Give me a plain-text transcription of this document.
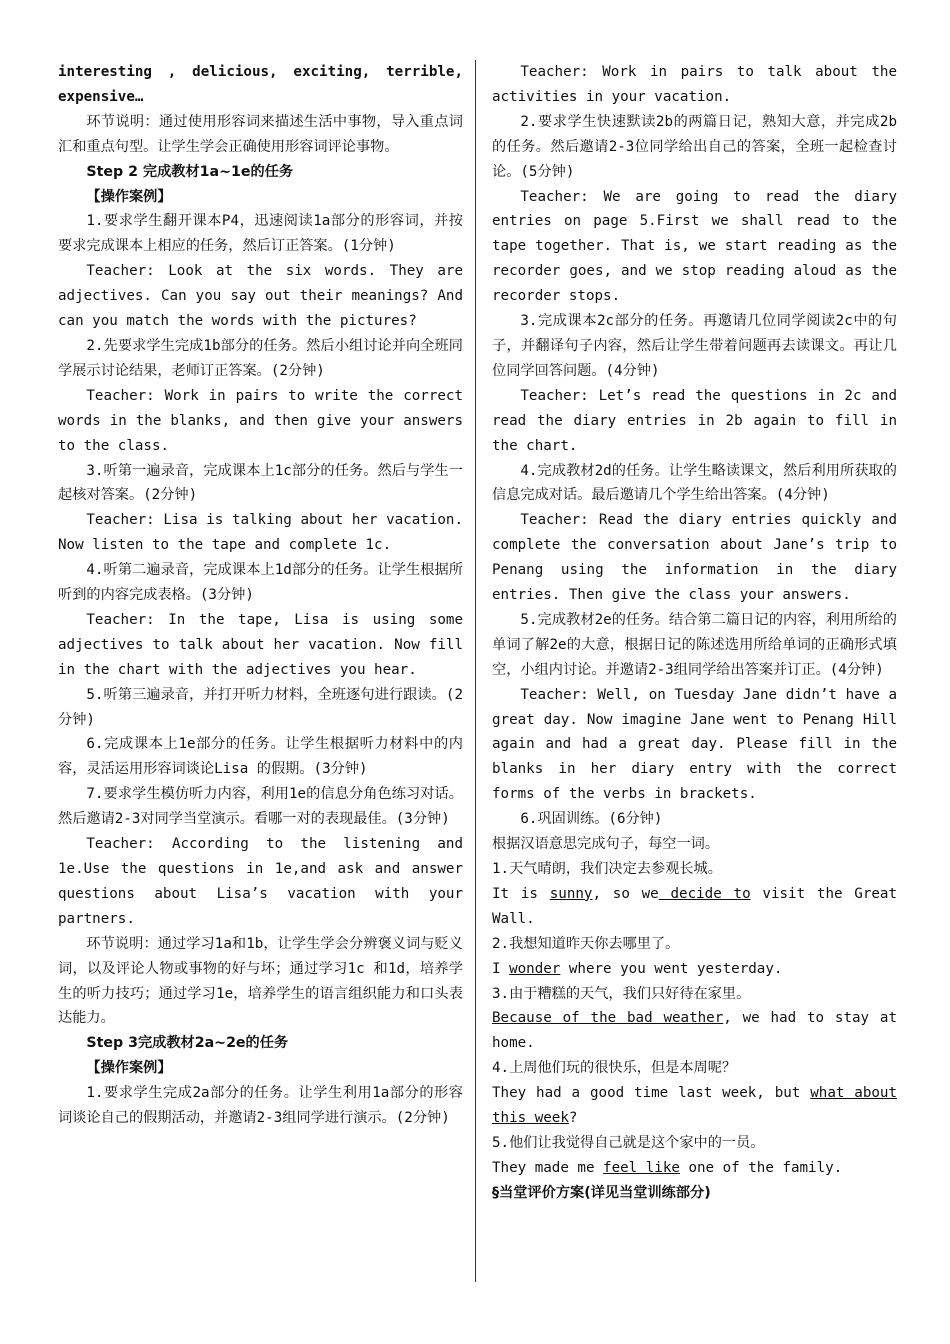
interesting , delicious, exciting, terrible, expensive…

环节说明：通过使用形容词来描述生活中事物，导入重点词汇和重点句型。让学生学会正确使用形容词评论事物。

Step 2 完成教材1a~1e的任务

【操作案例】

1.要求学生翻开课本P4，迅速阅读1a部分的形容词，并按要求完成课本上相应的任务，然后订正答案。(1分钟)

Teacher: Look at the six words. They are adjectives. Can you say out their meanings? And can you match the words with the pictures?

2.先要求学生完成1b部分的任务。然后小组讨论并向全班同学展示讨论结果，老师订正答案。(2分钟)

Teacher: Work in pairs to write the correct words in the blanks, and then give your answers to the class.

3.听第一遍录音，完成课本上1c部分的任务。然后与学生一起核对答案。(2分钟)

Teacher: Lisa is talking about her vacation. Now listen to the tape and complete 1c.

4.听第二遍录音，完成课本上1d部分的任务。让学生根据所听到的内容完成表格。(3分钟)

Teacher: In the tape, Lisa is using some adjectives to talk about her vacation. Now fill in the chart with the adjectives you hear.

5.听第三遍录音，并打开听力材料，全班逐句进行跟读。(2分钟)

6.完成课本上1e部分的任务。让学生根据听力材料中的内容，灵活运用形容词谈论Lisa 的假期。(3分钟)

7.要求学生模仿听力内容，利用1e的信息分角色练习对话。然后邀请2-3对同学当堂演示。看哪一对的表现最佳。(3分钟)

Teacher: According to the listening and 1e.Use the questions in 1e,and ask and answer questions about Lisa’s vacation with your partners.

环节说明：通过学习1a和1b，让学生学会分辨褒义词与贬义词，以及评论人物或事物的好与坏；通过学习1c 和1d，培养学生的听力技巧；通过学习1e，培养学生的语言组织能力和口头表达能力。

Step 3完成教材2a~2e的任务

【操作案例】

1.要求学生完成2a部分的任务。让学生利用1a部分的形容词谈论自己的假期活动，并邀请2-3组同学进行演示。(2分钟)

Teacher: Work in pairs to talk about the activities in your vacation.

2.要求学生快速默读2b的两篇日记，熟知大意，并完成2b的任务。然后邀请2-3位同学给出自己的答案，全班一起检查讨论。(5分钟)

Teacher: We are going to read the diary entries on page 5.First we shall read to the tape together. That is, we start reading as the recorder goes, and we stop reading aloud as the recorder stops.

3.完成课本2c部分的任务。再邀请几位同学阅读2c中的句子，并翻译句子内容，然后让学生带着问题再去读课文。再让几位同学回答问题。(4分钟)

Teacher: Let’s read the questions in 2c and read the diary entries in 2b again to fill in the chart.

4.完成教材2d的任务。让学生略读课文，然后利用所获取的信息完成对话。最后邀请几个学生给出答案。(4分钟)

Teacher: Read the diary entries quickly and complete the conversation about Jane’s trip to Penang using the information in the diary entries. Then give the class your answers.

5.完成教材2e的任务。结合第二篇日记的内容，利用所给的单词了解2e的大意，根据日记的陈述选用所给单词的正确形式填空，小组内讨论。并邀请2-3组同学给出答案并订正。(4分钟)

Teacher: Well, on Tuesday Jane didn’t have a great day. Now imagine Jane went to Penang Hill again and had a great day. Please fill in the blanks in her diary entry with the correct forms of the verbs in brackets.

6.巩固训练。(6分钟)

根据汉语意思完成句子，每空一词。

1.天气晴朗，我们决定去参观长城。

It is sunny, so we decide to visit the Great Wall.

2.我想知道昨天你去哪里了。

I wonder where you went yesterday.

3.由于糟糕的天气，我们只好待在家里。

Because of the bad weather, we had to stay at home.

4.上周他们玩的很快乐，但是本周呢？

They had a good time last week, but what about this week?

5.他们让我觉得自己就是这个家中的一员。

They made me feel like one of the family.

§当堂评价方案(详见当堂训练部分)
